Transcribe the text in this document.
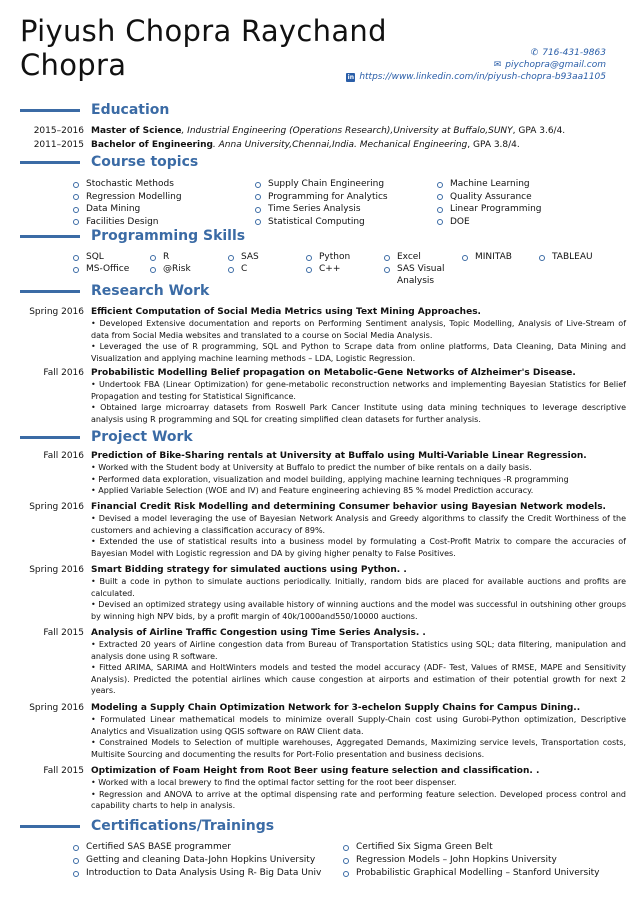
Piyush Chopra Raychand Chopra	✆ 716-431-9863
✉ piychopra@gmail.com
in https://www.linkedin.com/in/piyush-chopra-b93aa1105
Education
2015–2016 Master of Science, Industrial Engineering (Operations Research),University at Buffalo,SUNY, GPA 3.6/4.
2011–2015 Bachelor of Engineering. Anna University,Chennai,India. Mechanical Engineering, GPA 3.8/4.
Course topics
Stochastic Methods
Regression Modelling
Data Mining
Facilities Design
Supply Chain Engineering
Programming for Analytics
Time Series Analysis
Statistical Computing
Machine Learning
Quality Assurance
Linear Programming
DOE
Programming Skills
SQL
MS-Office
R
@Risk
SAS
C
Python
C++
Excel
SAS Visual Analysis
MINITAB	TABLEAU
Research Work
Spring 2016 Efficient Computation of Social Media Metrics using Text Mining Approaches.
• Developed Extensive documentation and reports on Performing Sentiment analysis, Topic Modelling, Analysis of Live-Stream of data from Social Media websites and translated to a course on Social Media Analysis.
• Leveraged the use of R programming, SQL and Python to Scrape data from online platforms, Data Cleaning, Data Mining and Visualization and applying machine learning methods – LDA, Logistic Regression.
Fall 2016 Probabilistic Modelling Belief propagation on Metabolic-Gene Networks of Alzheimer's Disease.
• Undertook FBA (Linear Optimization) for gene-metabolic reconstruction networks and implementing Bayesian Statistics for Belief Propagation and testing for Statistical Significance.
• Obtained large microarray datasets from Roswell Park Cancer Institute using data mining techniques to leverage descriptive analysis using R programming and SQL for creating simplified clean datasets for further analysis.
Project Work
Fall 2016 Prediction of Bike-Sharing rentals at University at Buffalo using Multi-Variable Linear Regression.
• Worked with the Student body at University at Buffalo to predict the number of bike rentals on a daily basis.
• Performed data exploration, visualization and model building, applying machine learning techniques -R programming
• Applied Variable Selection (WOE and IV) and Feature engineering achieving 85 % model Prediction accuracy.
Spring 2016 Financial Credit Risk Modelling and determining Consumer behavior using Bayesian Network models.
• Devised a model leveraging the use of Bayesian Network Analysis and Greedy algorithms to classify the Credit Worthiness of the customers and achieving a classification accuracy of 89%.
• Extended the use of statistical results into a business model by formulating a Cost-Profit Matrix to compare the accuracies of Bayesian Model with Logistic regression and DA by giving higher penalty to False Positives.
Spring 2016 Smart Bidding strategy for simulated auctions using Python. .
• Built a code in python to simulate auctions periodically. Initially, random bids are placed for available auctions and profits are calculated.
• Devised an optimized strategy using available history of winning auctions and the model was successful in outshining other groups by winning high NPV bids, by a profit margin of 40k/1000and550/10000 auctions.
Fall 2015 Analysis of Airline Traffic Congestion using Time Series Analysis. .
• Extracted 20 years of Airline congestion data from Bureau of Transportation Statistics using SQL; data filtering, manipulation and analysis done using R software.
• Fitted ARIMA, SARIMA and HoltWinters models and tested the model accuracy (ADF- Test, Values of RMSE, MAPE and Sensitivity Analysis). Predicted the potential airlines which cause congestion at airports and estimation of their potential growth for next 2 years.
Spring 2016 Modeling a Supply Chain Optimization Network for 3-echelon Supply Chains for Campus Dining..
• Formulated Linear mathematical models to minimize overall Supply-Chain cost using Gurobi-Python optimization, Descriptive Analytics and Visualization using QGIS software on RAW Client data.
• Constrained Models to Selection of multiple warehouses, Aggregated Demands, Maximizing service levels, Transportation costs, Multisite Sourcing and documenting the results for Port-Folio presentation and business decisions.
Fall 2015 Optimization of Foam Height from Root Beer using feature selection and classification. .
• Worked with a local brewery to find the optimal factor setting for the root beer dispenser.
• Regression and ANOVA to arrive at the optimal dispensing rate and performing feature selection. Developed process control and capability charts to help in analysis.
Certifications/Trainings
Certified SAS BASE programmer
Getting and cleaning Data-John Hopkins University
Introduction to Data Analysis Using R- Big Data Univ
Certified Six Sigma Green Belt
Regression Models – John Hopkins University
Probabilistic Graphical Modelling – Stanford University
